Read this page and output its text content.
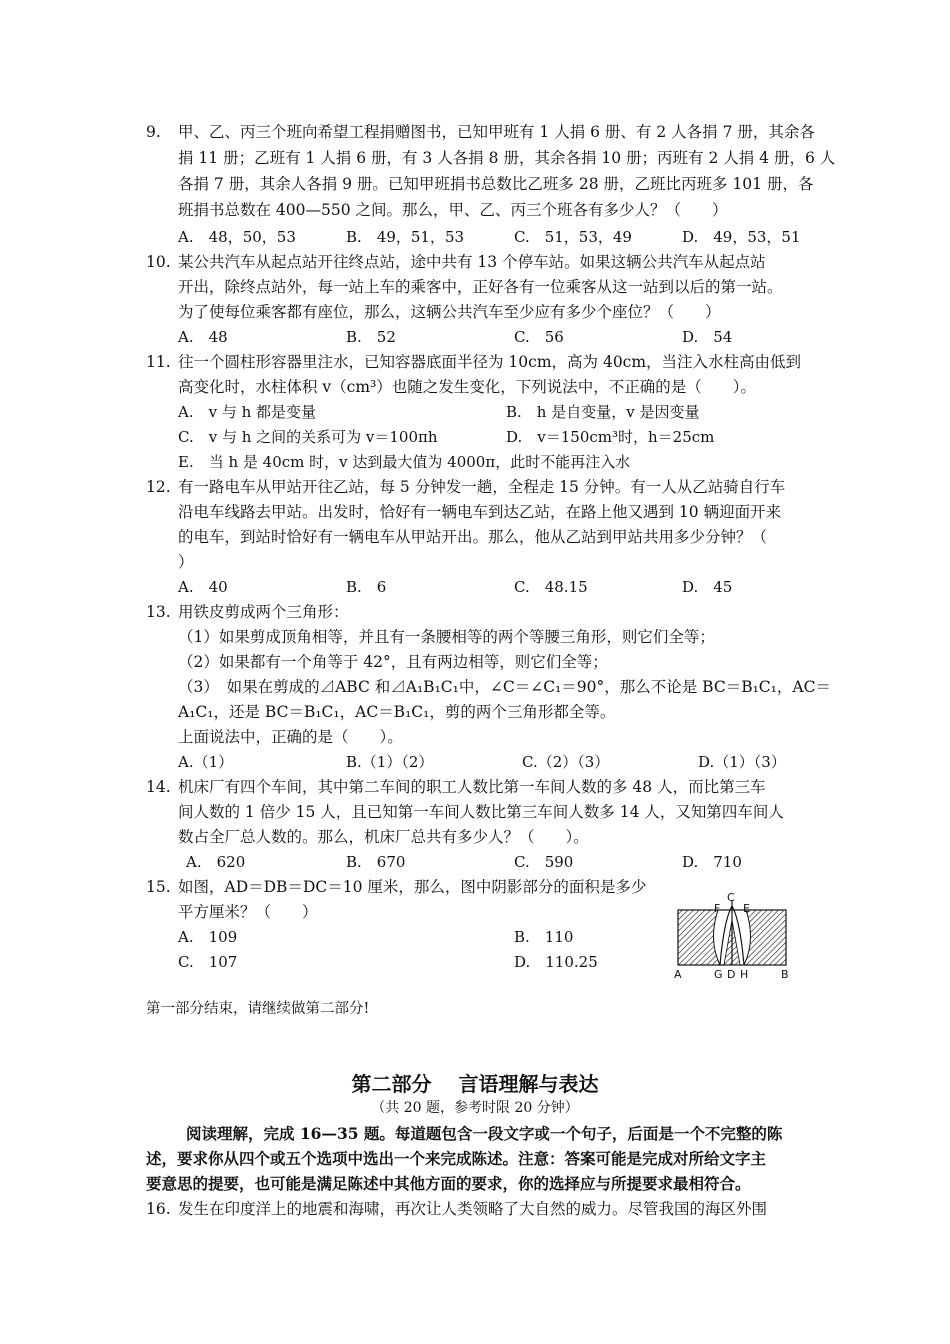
9. 甲、乙、丙三个班向希望工程捐赠图书，已知甲班有 1 人捐 6 册、有 2 人各捐 7 册，其余各
捐 11 册；乙班有 1 人捐 6 册，有 3 人各捐 8 册，其余各捐 10 册；丙班有 2 人捐 4 册，6 人
各捐 7 册，其余人各捐 9 册。已知甲班捐书总数比乙班多 28 册，乙班比丙班多 101 册，各
班捐书总数在 400—550 之间。那么，甲、乙、丙三个班各有多少人？（　　）
A.　48，50，53	B.　49，51，53	C.　51，53，49	D.　49，53，51
10. 某公共汽车从起点站开往终点站，途中共有 13 个停车站。如果这辆公共汽车从起点站
开出，除终点站外，每一站上车的乘客中，正好各有一位乘客从这一站到以后的第一站。
为了使每位乘客都有座位，那么，这辆公共汽车至少应有多少个座位？（　　）
A.　48	B.　52	C.　56	D.　54
11. 往一个圆柱形容器里注水，已知容器底面半径为 10cm，高为 40cm，当注入水柱高由低到
高变化时，水柱体积 v（cm³）也随之发生变化，下列说法中，不正确的是（　　）。
A.　v 与 h 都是变量	B.　h 是自变量，v 是因变量
C.　v 与 h 之间的关系可为 v＝100πh	D.　v＝150cm³时，h＝25cm
E.　当 h 是 40cm 时，v 达到最大值为 4000π，此时不能再注入水
12. 有一路电车从甲站开往乙站，每 5 分钟发一趟，全程走 15 分钟。有一人从乙站骑自行车
沿电车线路去甲站。出发时，恰好有一辆电车到达乙站，在路上他又遇到 10 辆迎面开来
的电车，到站时恰好有一辆电车从甲站开出。那么，他从乙站到甲站共用多少分钟？（
）
A.　40	B.　6	C.　48.15	D.　45
13. 用铁皮剪成两个三角形：
（1）如果剪成顶角相等，并且有一条腰相等的两个等腰三角形，则它们全等；
（2）如果都有一个角等于 42°，且有两边相等，则它们全等；
（3）　如果在剪成的⊿ABC 和⊿A₁B₁C₁中，∠C＝∠C₁＝90°，那么不论是 BC＝B₁C₁，AC＝
A₁C₁，还是 BC＝B₁C₁，AC＝B₁C₁，剪的两个三角形都全等。
上面说法中，正确的是（　　）。
A.（1）	B.（1）（2）	C.（2）（3）	D.（1）（3）
14. 机床厂有四个车间，其中第二车间的职工人数比第一车间人数的多 48 人，而比第三车
间人数的 1 倍少 15 人，且已知第一车间人数比第三车间人数多 14 人，又知第四车间人
数占全厂总人数的。那么，机床厂总共有多少人？（　　）。
A.　620	B.　670	C.　590	D.　710
15. 如图，AD＝DB＝DC＝10 厘米，那么，图中阴影部分的面积是多少
平方厘米？（　　）
A.　109	B.　110
C.　107	D.　110.25
C
F E
A	G D H	B
第一部分结束，请继续做第二部分!
第二部分　 言语理解与表达
（共 20 题，参考时限 20 分钟）
阅读理解，完成 16—35 题。每道题包含一段文字或一个句子，后面是一个不完整的陈
述，要求你从四个或五个选项中选出一个来完成陈述。注意：答案可能是完成对所给文字主
要意思的提要，也可能是满足陈述中其他方面的要求，你的选择应与所提要求最相符合。
16. 发生在印度洋上的地震和海啸，再次让人类领略了大自然的威力。尽管我国的海区外围
